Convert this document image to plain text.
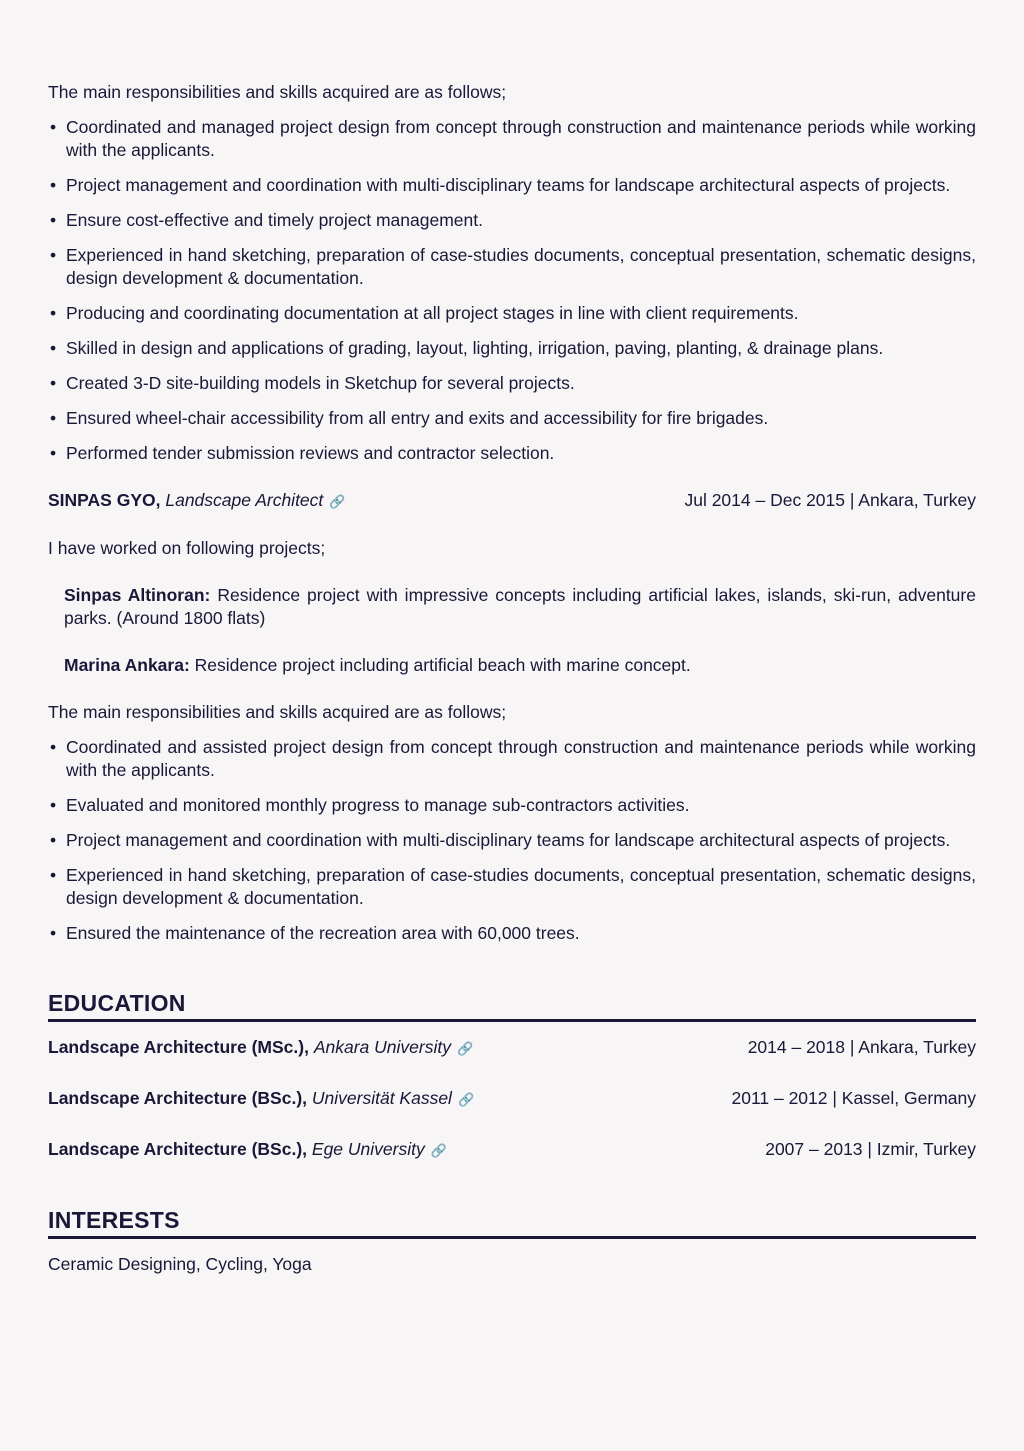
The main responsibilities and skills acquired are as follows;

• Coordinated and managed project design from concept through construction and maintenance periods while working with the applicants.
• Project management and coordination with multi-disciplinary teams for landscape architectural aspects of projects.
• Ensure cost-effective and timely project management.
• Experienced in hand sketching, preparation of case-studies documents, conceptual presentation, schematic designs, design development & documentation.
• Producing and coordinating documentation at all project stages in line with client requirements.
• Skilled in design and applications of grading, layout, lighting, irrigation, paving, planting, & drainage plans.
• Created 3-D site-building models in Sketchup for several projects.
• Ensured wheel-chair accessibility from all entry and exits and accessibility for fire brigades.
• Performed tender submission reviews and contractor selection.
SINPAS GYO, Landscape Architect 🔗	Jul 2014 – Dec 2015 | Ankara, Turkey

I have worked on following projects;

Sinpas Altinoran: Residence project with impressive concepts including artificial lakes, islands, ski-run, adventure parks. (Around 1800 flats)

Marina Ankara: Residence project including artificial beach with marine concept.

The main responsibilities and skills acquired are as follows;

• Coordinated and assisted project design from concept through construction and maintenance periods while working with the applicants.
• Evaluated and monitored monthly progress to manage sub-contractors activities.
• Project management and coordination with multi-disciplinary teams for landscape architectural aspects of projects.
• Experienced in hand sketching, preparation of case-studies documents, conceptual presentation, schematic designs, design development & documentation.
• Ensured the maintenance of the recreation area with 60,000 trees.
EDUCATION
Landscape Architecture (MSc.), Ankara University 🔗	2014 – 2018 | Ankara, Turkey
Landscape Architecture (BSc.), Universität Kassel 🔗	2011 – 2012 | Kassel, Germany
Landscape Architecture (BSc.), Ege University 🔗	2007 – 2013 | Izmir, Turkey
INTERESTS

Ceramic Designing, Cycling, Yoga
